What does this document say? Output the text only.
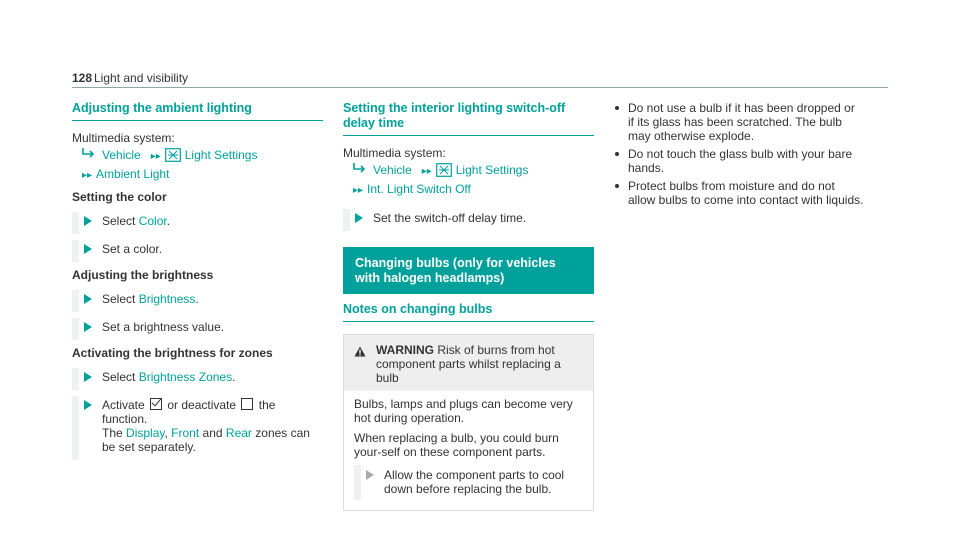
128 Light and visibility
Adjusting the ambient lighting

Multimedia system:

Vehicle ▸▸ Light Settings
▸▸ Ambient Light
Setting the color
Select Color.
Set a color.
Adjusting the brightness
Select Brightness.
Set a brightness value.
Activating the brightness for zones
Select Brightness Zones.
Activate or deactivate the function.
The Display, Front and Rear zones can be set separately.
Setting the interior lighting switch-off delay time

Multimedia system:

Vehicle ▸▸ Light Settings
▸▸ Int. Light Switch Off
Set the switch-off delay time.
Changing bulbs (only for vehicles with halogen headlamps)
Notes on changing bulbs

WARNING Risk of burns from hot component parts whilst replacing a bulb

Bulbs, lamps and plugs can become very hot during operation.

When replacing a bulb, you could burn your-self on these component parts.

Allow the component parts to cool down before replacing the bulb.
Do not use a bulb if it has been dropped or if its glass has been scratched. The bulb may otherwise explode.
Do not touch the glass bulb with your bare hands.
Protect bulbs from moisture and do not allow bulbs to come into contact with liquids.
